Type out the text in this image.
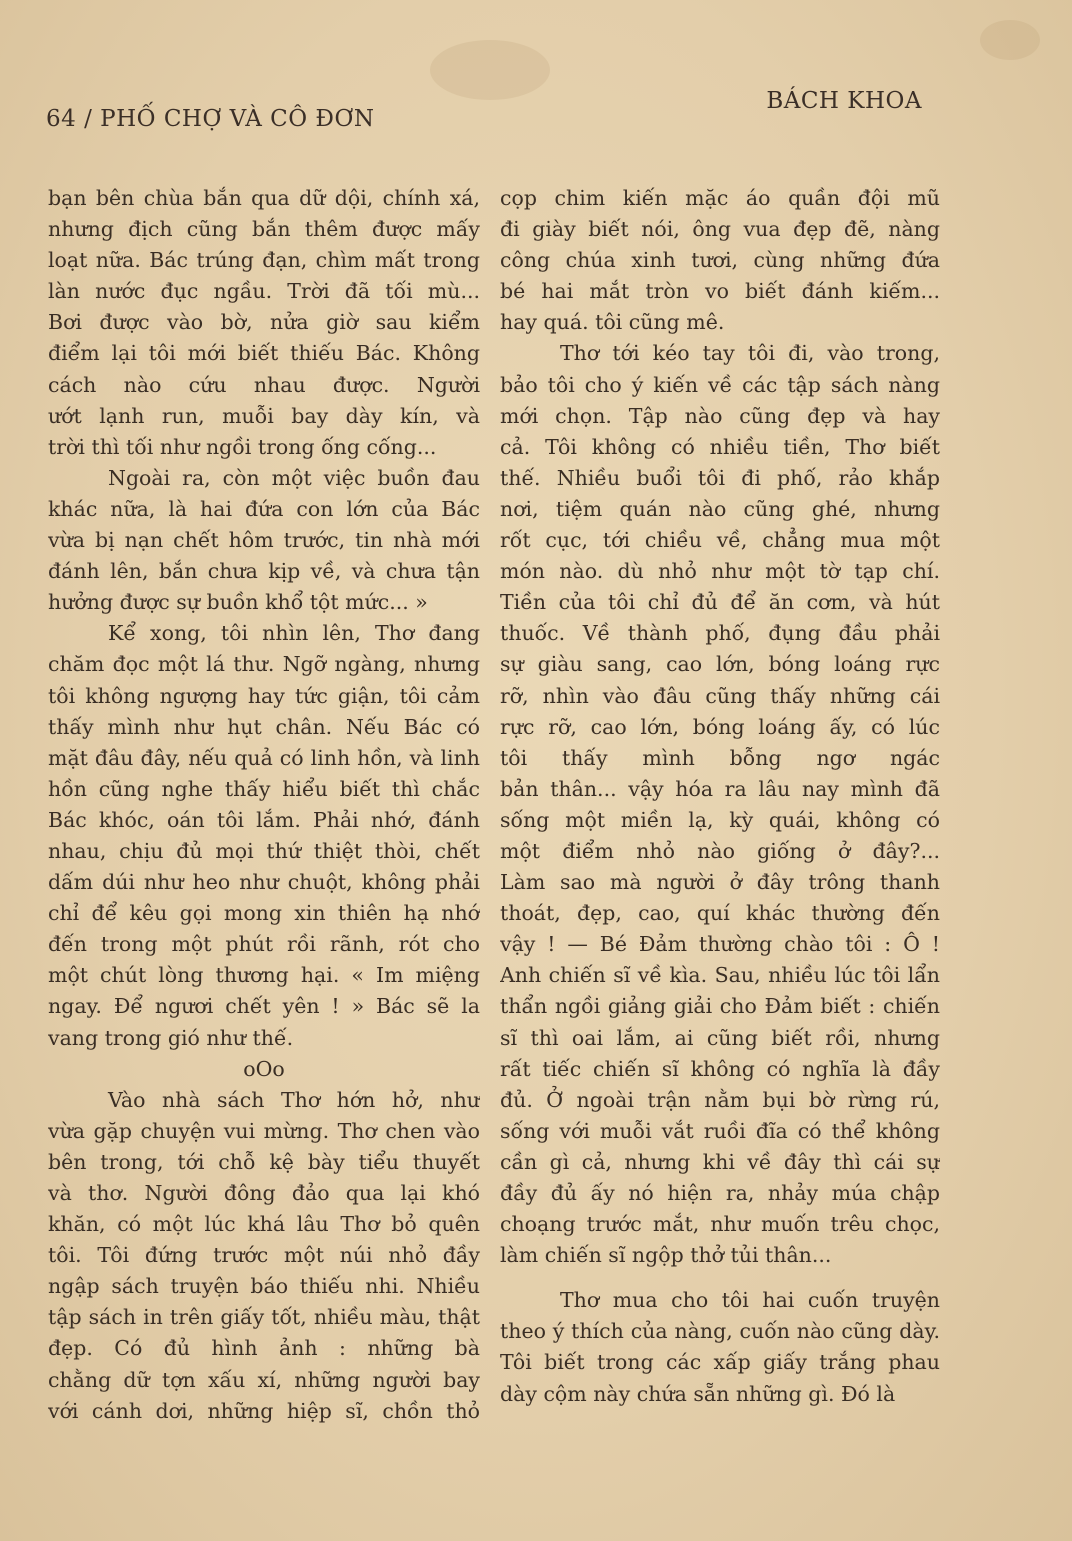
64 / PHỐ CHỢ VÀ CÔ ĐƠN
BÁCH KHOA
bạn bên chùa bắn qua dữ dội, chính xá,
nhưng địch cũng bắn thêm được mấy
loạt nữa. Bác trúng đạn, chìm mất trong
làn nước đục ngầu. Trời đã tối mù...
Bơi được vào bờ, nửa giờ sau kiểm
điểm lại tôi mới biết thiếu Bác. Không
cách nào cứu nhau được. Người
ướt lạnh run, muỗi bay dày kín, và
trời thì tối như ngồi trong ống cống...
Ngoài ra, còn một việc buồn đau
khác nữa, là hai đứa con lớn của Bác
vừa bị nạn chết hôm trước, tin nhà mới
đánh lên, bắn chưa kịp về, và chưa tận
hưởng được sự buồn khổ tột mức... »
Kể xong, tôi nhìn lên, Thơ đang
chăm đọc một lá thư. Ngỡ ngàng, nhưng
tôi không ngượng hay tức giận, tôi cảm
thấy mình như hụt chân. Nếu Bác có
mặt đâu đây, nếu quả có linh hồn, và linh
hồn cũng nghe thấy hiểu biết thì chắc
Bác khóc, oán tôi lắm. Phải nhớ, đánh
nhau, chịu đủ mọi thứ thiệt thòi, chết
dấm dúi như heo như chuột, không phải
chỉ để kêu gọi mong xin thiên hạ nhớ
đến trong một phút rồi rãnh, rót cho
một chút lòng thương hại. « Im miệng
ngay. Để ngươi chết yên ! » Bác sẽ la
vang trong gió như thế.
oOo
Vào nhà sách Thơ hớn hở, như
vừa gặp chuyện vui mừng. Thơ chen vào
bên trong, tới chỗ kệ bày tiểu thuyết
và thơ. Người đông đảo qua lại khó
khăn, có một lúc khá lâu Thơ bỏ quên
tôi. Tôi đứng trước một núi nhỏ đầy
ngập sách truyện báo thiếu nhi. Nhiều
tập sách in trên giấy tốt, nhiều màu, thật
đẹp. Có đủ hình ảnh : những bà
chằng dữ tợn xấu xí, những người bay
với cánh dơi, những hiệp sĩ, chồn thỏ
cọp chim kiến mặc áo quần đội mũ
đi giày biết nói, ông vua đẹp đẽ, nàng
công chúa xinh tươi, cùng những đứa
bé hai mắt tròn vo biết đánh kiếm...
hay quá. tôi cũng mê.
Thơ tới kéo tay tôi đi, vào trong,
bảo tôi cho ý kiến về các tập sách nàng
mới chọn. Tập nào cũng đẹp và hay
cả. Tôi không có nhiều tiền, Thơ biết
thế. Nhiều buổi tôi đi phố, rảo khắp
nơi, tiệm quán nào cũng ghé, nhưng
rốt cục, tới chiều về, chẳng mua một
món nào. dù nhỏ như một tờ tạp chí.
Tiền của tôi chỉ đủ để ăn cơm, và hút
thuốc. Về thành phố, đụng đầu phải
sự giàu sang, cao lớn, bóng loáng rực
rỡ, nhìn vào đâu cũng thấy những cái
rực rỡ, cao lớn, bóng loáng ấy, có lúc
tôi thấy mình bỗng ngơ ngác
bản thân... vậy hóa ra lâu nay mình đã
sống một miền lạ, kỳ quái, không có
một điểm nhỏ nào giống ở đây?...
Làm sao mà người ở đây trông thanh
thoát, đẹp, cao, quí khác thường đến
vậy ! — Bé Đảm thường chào tôi : Ô !
Anh chiến sĩ về kìa. Sau, nhiều lúc tôi lẩn
thẩn ngồi giảng giải cho Đảm biết : chiến
sĩ thì oai lắm, ai cũng biết rồi, nhưng
rất tiếc chiến sĩ không có nghĩa là đầy
đủ. Ở ngoài trận nằm bụi bờ rừng rú,
sống với muỗi vắt ruồi đĩa có thể không
cần gì cả, nhưng khi về đây thì cái sự
đầy đủ ấy nó hiện ra, nhảy múa chập
choạng trước mắt, như muốn trêu chọc,
làm chiến sĩ ngộp thở tủi thân...
Thơ mua cho tôi hai cuốn truyện
theo ý thích của nàng, cuốn nào cũng dày.
Tôi biết trong các xấp giấy trắng phau
dày cộm này chứa sẵn những gì. Đó là
